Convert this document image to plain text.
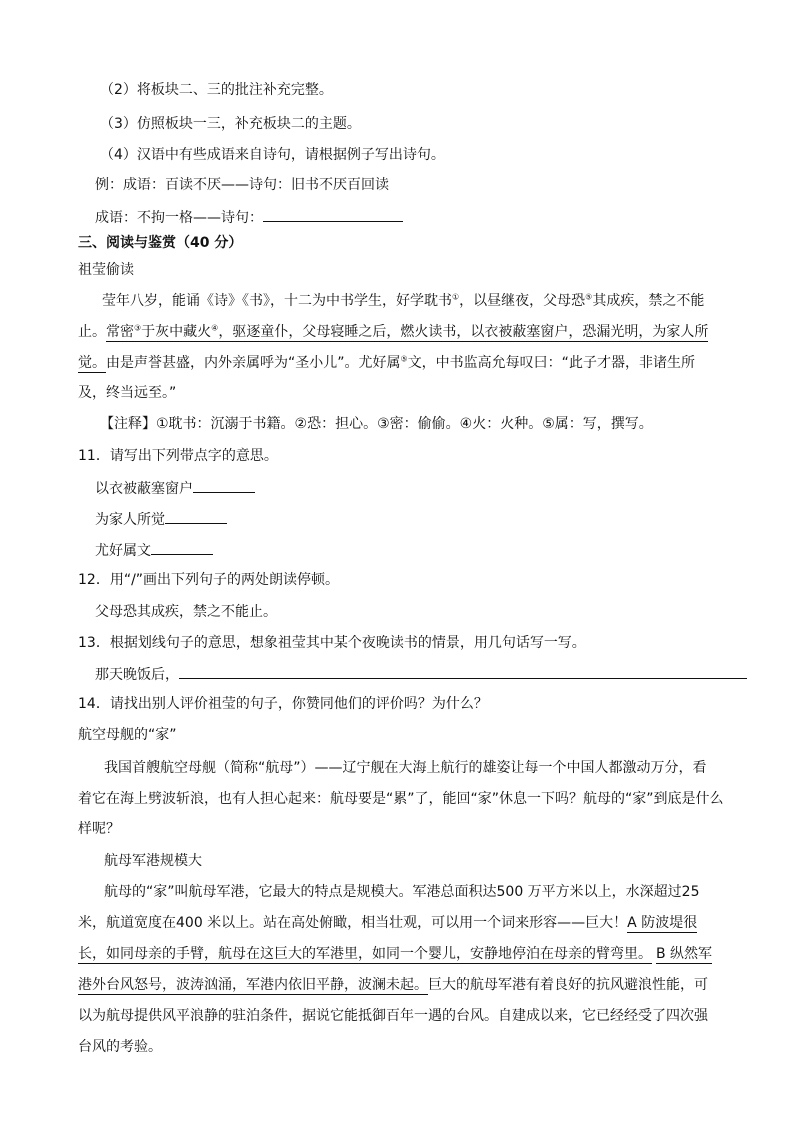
（2）将板块二、三的批注补充完整。
（3）仿照板块一三，补充板块二的主题。
（4）汉语中有些成语来自诗句，请根据例子写出诗句。
例：成语：百读不厌——诗句：旧书不厌百回读
成语：不拘一格——诗句：
三、阅读与鉴赏（40 分）
祖莹偷读
莹年八岁，能诵《诗》《书》，十二为中书学生，好学耽书①，以昼继夜，父母恐⑤其成疾，禁之不能
止。常密③于灰中藏火④，驱逐童仆，父母寝睡之后，燃火读书，以衣被蔽塞窗户，恐漏光明，为家人所
觉。由是声誉甚盛，内外亲属呼为“圣小儿”。尤好属⑤文，中书监高允每叹曰：“此子才器，非诸生所
及，终当远至。”
【注释】①耽书：沉溺于书籍。②恐：担心。③密：偷偷。④火：火种。⑤属：写，撰写。
11．请写出下列带点字的意思。
以衣被蔽塞窗户
为家人所觉
尤好属文
12．用“/”画出下列句子的两处朗读停顿。
父母恐其成疾，禁之不能止。
13．根据划线句子的意思，想象祖莹其中某个夜晚读书的情景，用几句话写一写。
那天晚饭后，
14．请找出别人评价祖莹的句子，你赞同他们的评价吗？为什么？
航空母舰的“家”
我国首艘航空母舰（简称“航母”）——辽宁舰在大海上航行的雄姿让每一个中国人都激动万分，看
着它在海上劈波斩浪，也有人担心起来：航母要是“累”了，能回“家”休息一下吗？航母的“家”到底是什么
样呢？
航母军港规模大
航母的“家”叫航母军港，它最大的特点是规模大。军港总面积达500 万平方米以上，水深超过25
米，航道宽度在400 米以上。站在高处俯瞰，相当壮观，可以用一个词来形容——巨大！A 防波堤很
长，如同母亲的手臂，航母在这巨大的军港里，如同一个婴儿，安静地停泊在母亲的臂弯里。 B 纵然军
港外台风怒号，波涛汹涌，军港内依旧平静，波澜未起。巨大的航母军港有着良好的抗风避浪性能，可
以为航母提供风平浪静的驻泊条件，据说它能抵御百年一遇的台风。自建成以来，它已经经受了四次强
台风的考验。
